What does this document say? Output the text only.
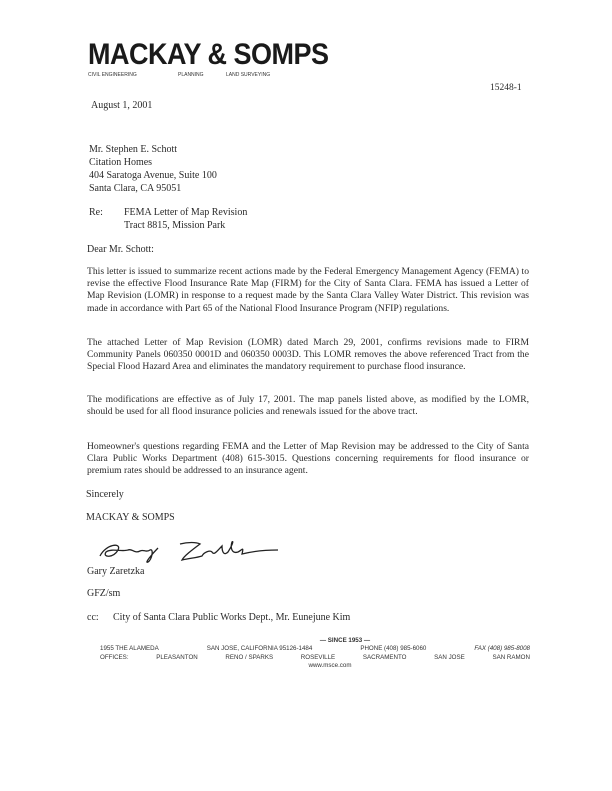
MACKAY & SOMPS
CIVIL ENGINEERING	PLANNING	LAND SURVEYING
15248-1
August 1, 2001
Mr. Stephen E. Schott
Citation Homes
404 Saratoga Avenue, Suite 100
Santa Clara, CA 95051
Re: FEMA Letter of Map Revision
Tract 8815, Mission Park
Dear Mr. Schott:
This letter is issued to summarize recent actions made by the Federal Emergency Management Agency (FEMA) to revise the effective Flood Insurance Rate Map (FIRM) for the City of Santa Clara. FEMA has issued a Letter of Map Revision (LOMR) in response to a request made by the Santa Clara Valley Water District. This revision was made in accordance with Part 65 of the National Flood Insurance Program (NFIP) regulations.
The attached Letter of Map Revision (LOMR) dated March 29, 2001, confirms revisions made to FIRM Community Panels 060350 0001D and 060350 0003D. This LOMR removes the above referenced Tract from the Special Flood Hazard Area and eliminates the mandatory requirement to purchase flood insurance.
The modifications are effective as of July 17, 2001. The map panels listed above, as modified by the LOMR, should be used for all flood insurance policies and renewals issued for the above tract.
Homeowner's questions regarding FEMA and the Letter of Map Revision may be addressed to the City of Santa Clara Public Works Department (408) 615-3015. Questions concerning requirements for flood insurance or premium rates should be addressed to an insurance agent.
Sincerely
MACKAY & SOMPS
Gary Zaretzka
GFZ/sm
cc: City of Santa Clara Public Works Dept., Mr. Eunejune Kim
— SINCE 1953 —
1955 THE ALAMEDA	SAN JOSE, CALIFORNIA 95126-1484	PHONE (408) 985-6060	FAX (408) 985-8008
OFFICES:	PLEASANTON	RENO / SPARKS	ROSEVILLE	SACRAMENTO	SAN JOSE	SAN RAMON
www.msce.com
